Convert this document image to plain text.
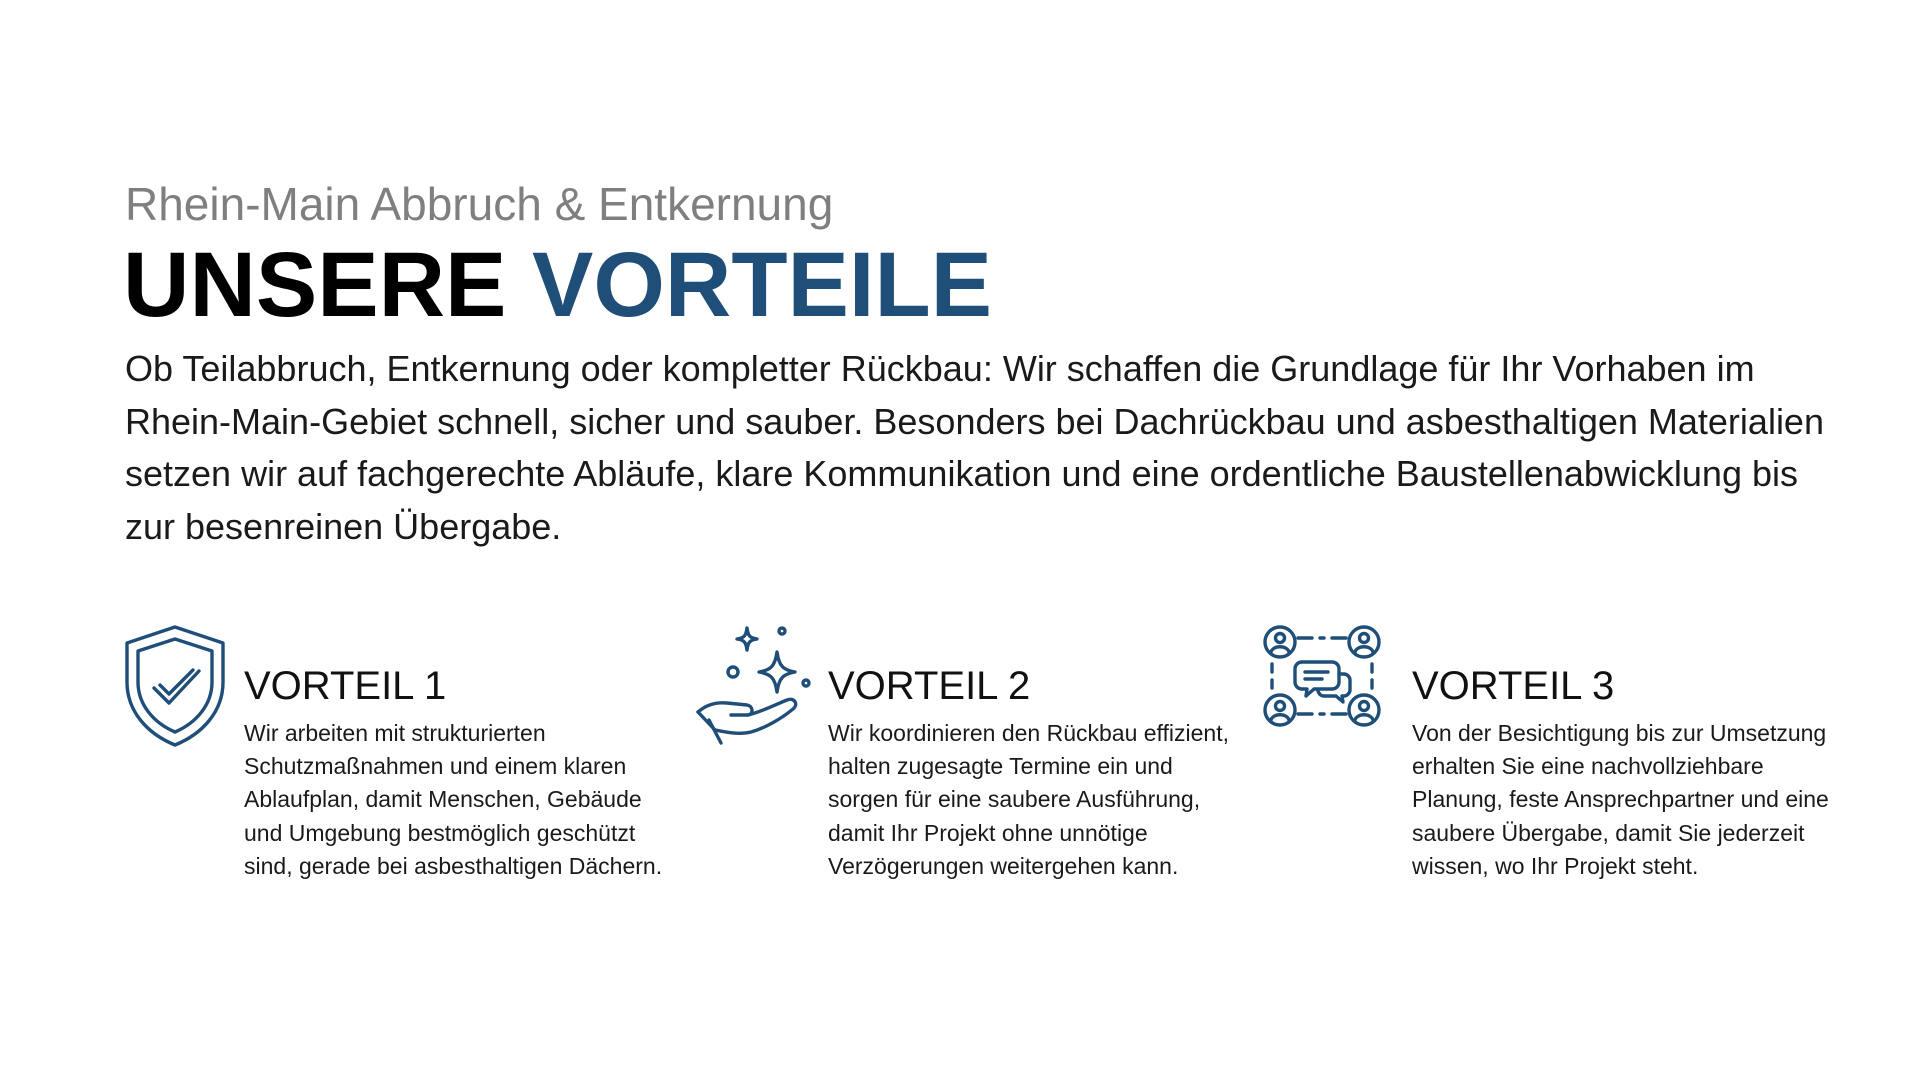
Rhein-Main Abbruch & Entkernung

UNSERE VORTEILE

Ob Teilabbruch, Entkernung oder kompletter Rückbau: Wir schaffen die Grundlage für Ihr Vorhaben im Rhein-Main-Gebiet schnell, sicher und sauber. Besonders bei Dachrückbau und asbesthaltigen Materialien setzen wir auf fachgerechte Abläufe, klare Kommunikation und eine ordentliche Baustellenabwicklung bis zur besenreinen Übergabe.

VORTEIL 1

Wir arbeiten mit strukturierten Schutzmaßnahmen und einem klaren Ablaufplan, damit Menschen, Gebäude und Umgebung bestmöglich geschützt sind, gerade bei asbesthaltigen Dächern.

VORTEIL 2

Wir koordinieren den Rückbau effizient, halten zugesagte Termine ein und sorgen für eine saubere Ausführung, damit Ihr Projekt ohne unnötige Verzögerungen weitergehen kann.

VORTEIL 3

Von der Besichtigung bis zur Umsetzung erhalten Sie eine nachvollziehbare Planung, feste Ansprechpartner und eine saubere Übergabe, damit Sie jederzeit wissen, wo Ihr Projekt steht.
